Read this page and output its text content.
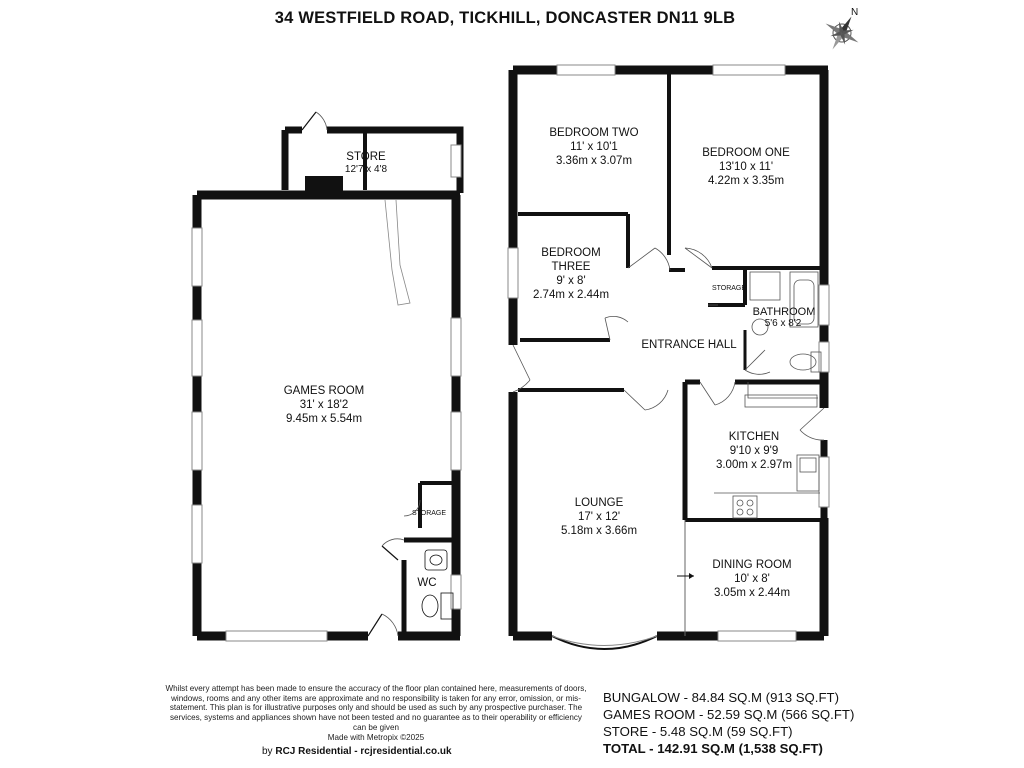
34 WESTFIELD ROAD, TICKHILL, DONCASTER DN11 9LB	N
STORE
12'7 x 4'8
GAMES ROOM
31' x 18'2
9.45m x 5.54m
STORAGE
WC
BEDROOM TWO
11' x 10'1
3.36m x 3.07m
BEDROOM ONE
13'10 x 11'
4.22m x 3.35m
BEDROOM
THREE
9' x 8'
2.74m x 2.44m
STORAGE
BATHROOM
5'6 x 8'2
ENTRANCE HALL
KITCHEN
9'10 x 9'9
3.00m x 2.97m
LOUNGE
17' x 12'
5.18m x 3.66m
DINING ROOM
10' x 8'
3.05m x 2.44m
Whilst every attempt has been made to ensure the accuracy of the floor plan contained here, measurements of doors, windows, rooms and any other items are approximate and no responsibility is taken for any error, omission, or mis-statement. This plan is for illustrative purposes only and should be used as such by any prospective purchaser. The services, systems and appliances shown have not been tested and no guarantee as to their operability or efficiency can be given
Made with Metropix ©2025
by RCJ Residential - rcjresidential.co.uk
BUNGALOW - 84.84 SQ.M (913 SQ.FT)
GAMES ROOM - 52.59 SQ.M (566 SQ.FT)
STORE - 5.48 SQ.M (59 SQ.FT)
TOTAL - 142.91 SQ.M (1,538 SQ.FT)
